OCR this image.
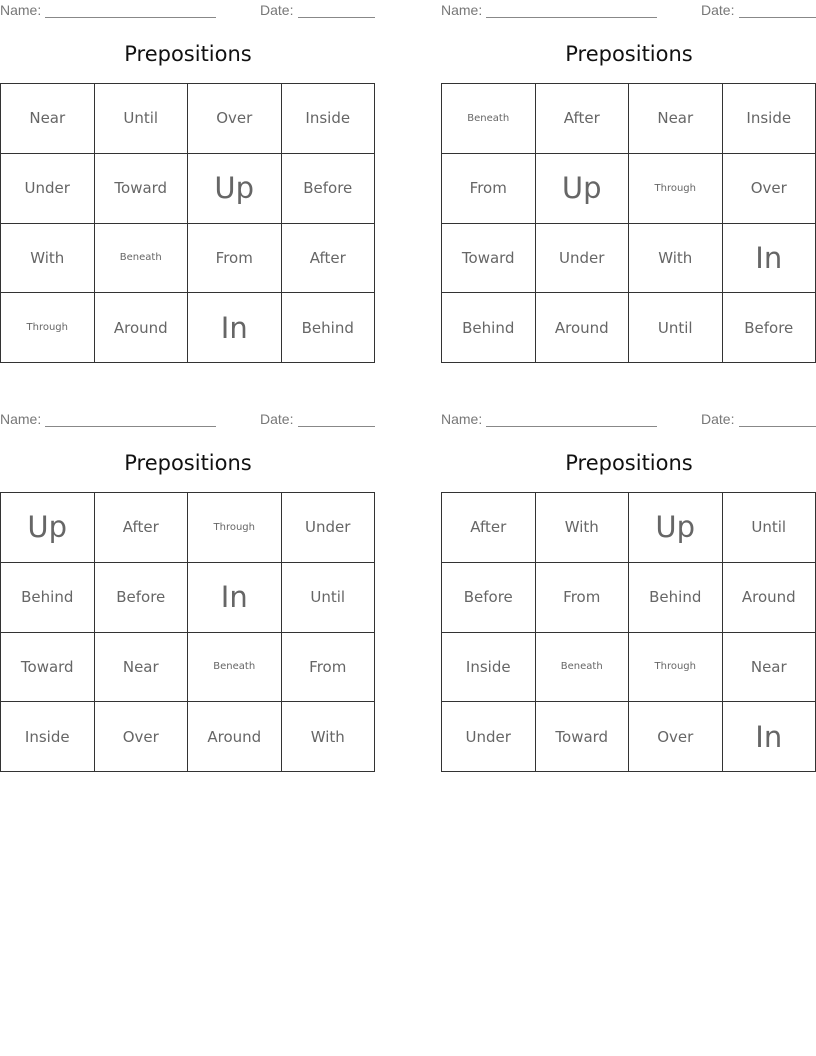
Name:	Date:
Prepositions
Near	Until	Over	Inside
Under	Toward	Up	Before
With	Beneath	From	After
Through	Around	In	Behind
Name:	Date:
Prepositions
Beneath	After	Near	Inside
From	Up	Through	Over
Toward	Under	With	In
Behind	Around	Until	Before
Name:	Date:
Prepositions
Up	After	Through	Under
Behind	Before	In	Until
Toward	Near	Beneath	From
Inside	Over	Around	With
Name:	Date:
Prepositions
After	With	Up	Until
Before	From	Behind	Around
Inside	Beneath	Through	Near
Under	Toward	Over	In
